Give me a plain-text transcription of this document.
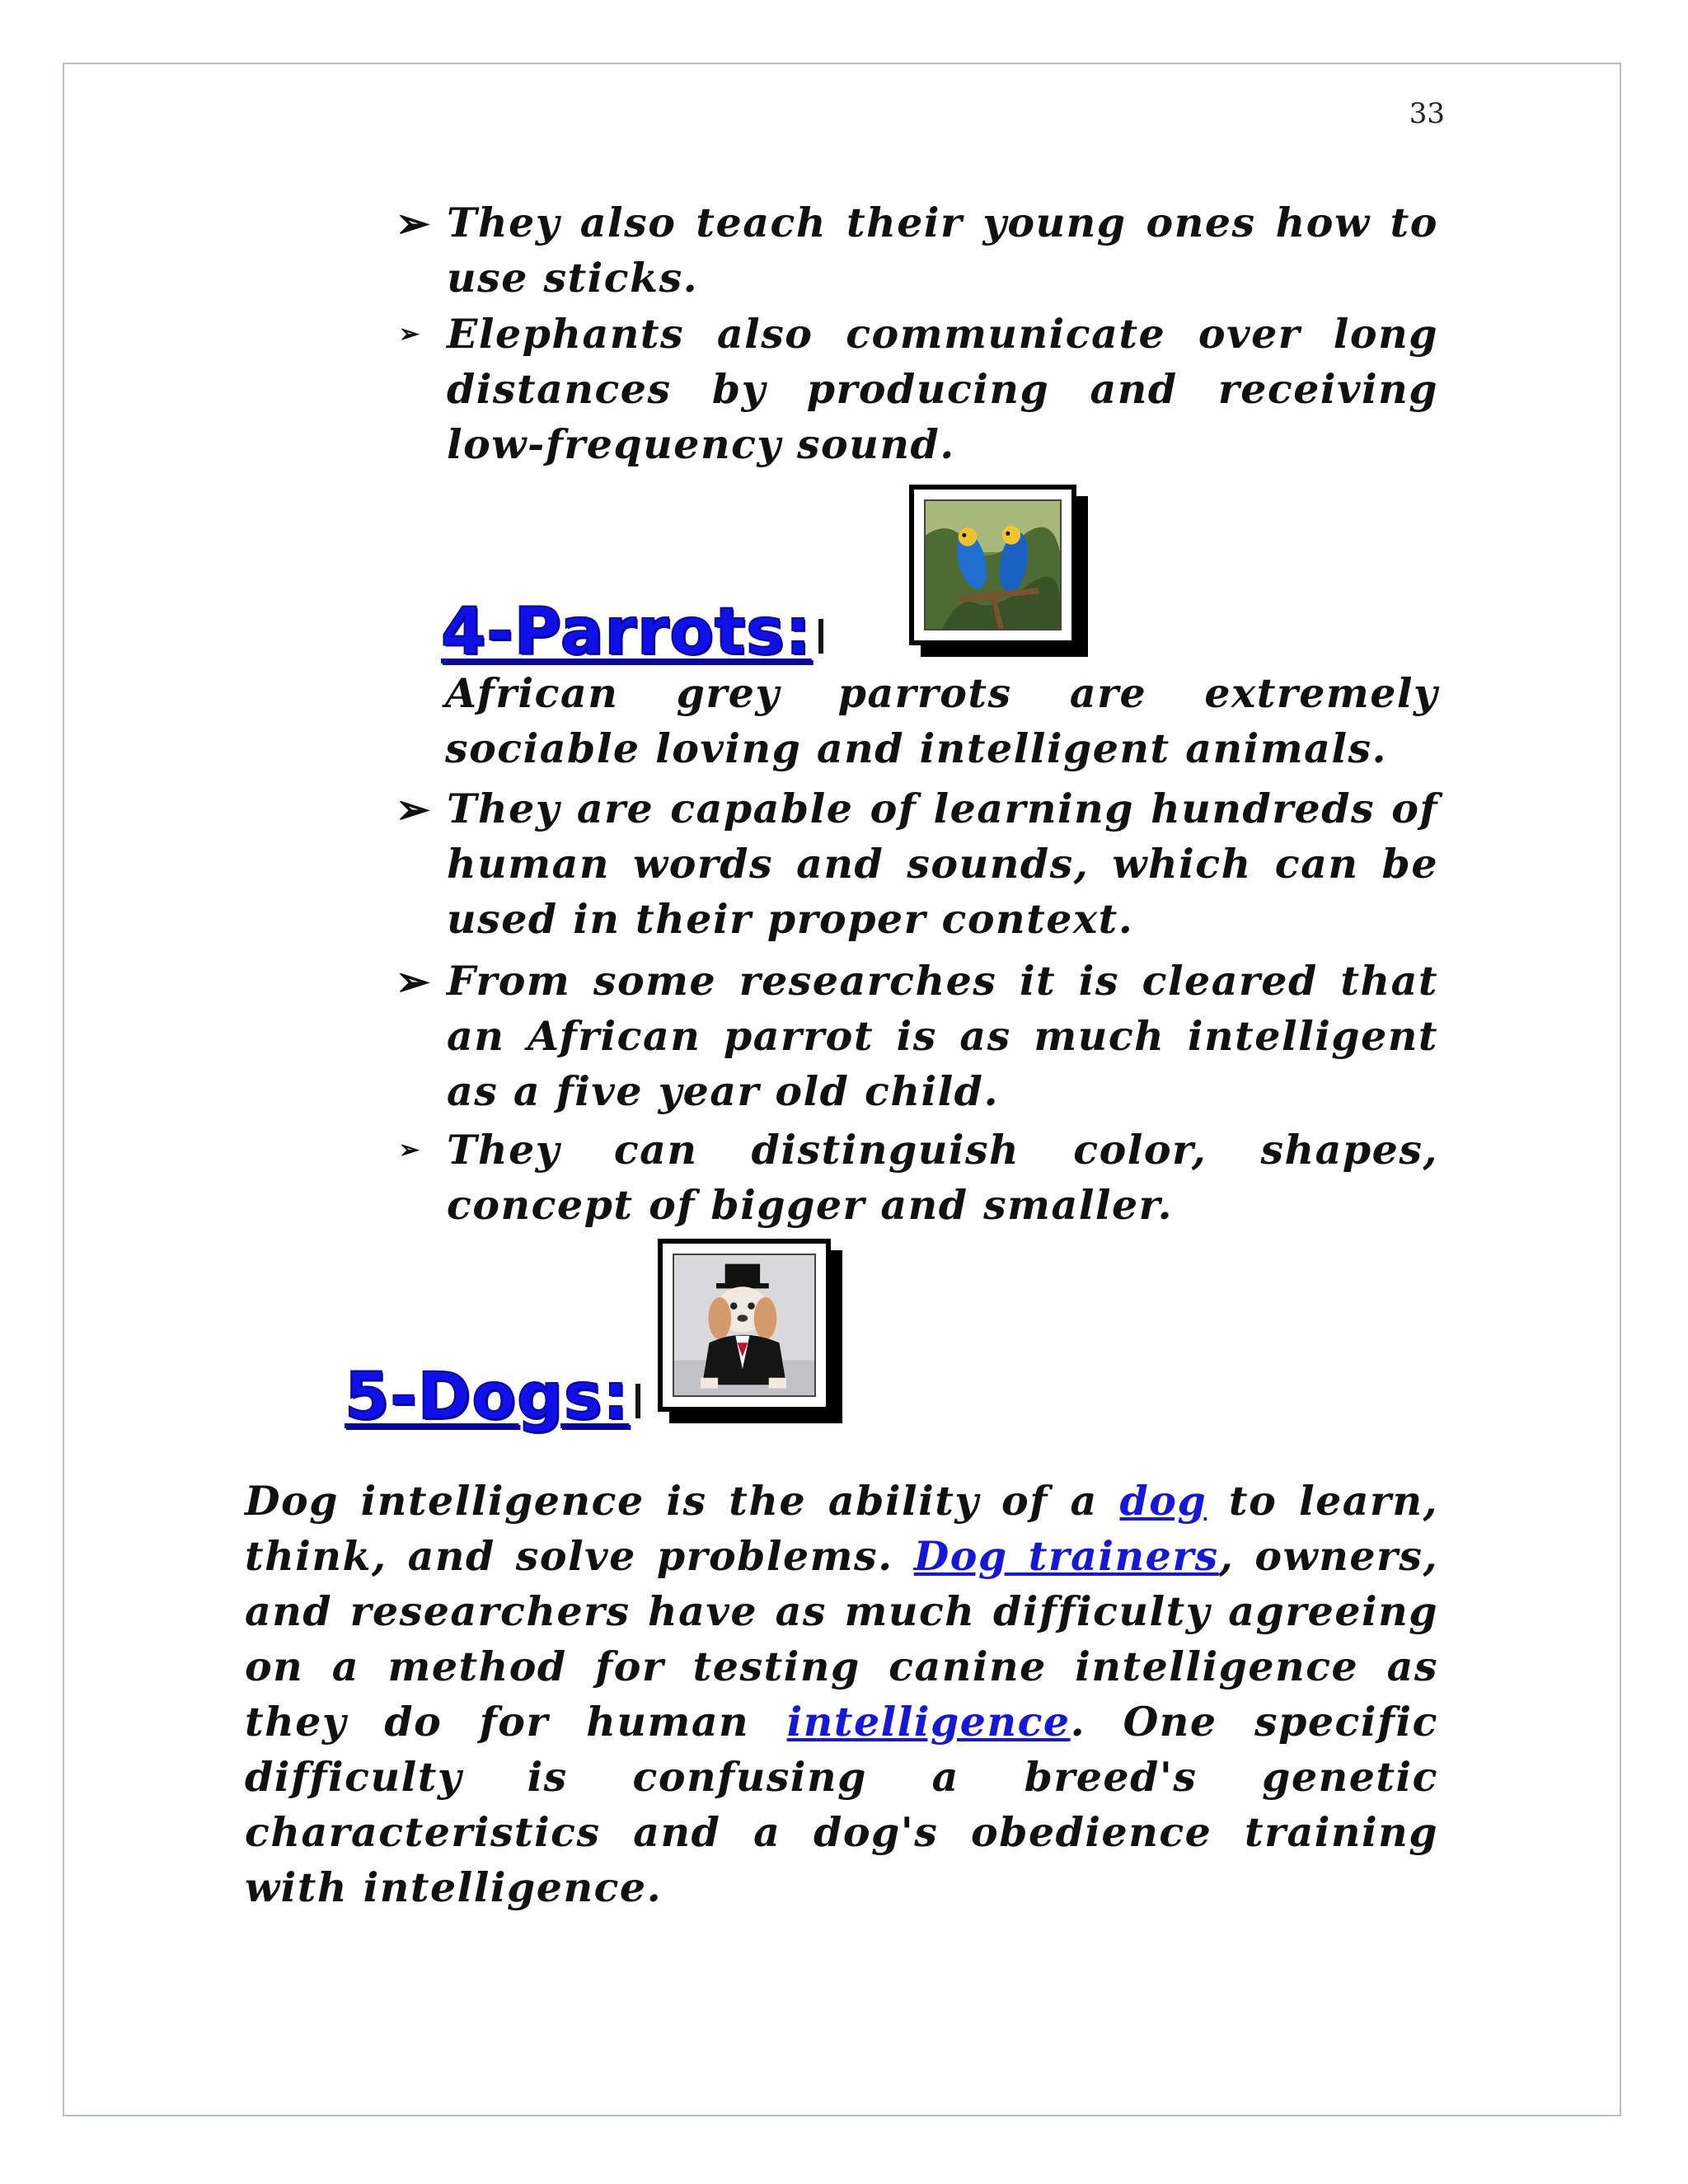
33
➢ They also teach their young ones how to use sticks.
➢ Elephants also communicate over long distances by producing and receiving low-frequency sound.
4-Parrots:
African grey parrots are extremely sociable loving and intelligent animals.
➢ They are capable of learning hundreds of human words and sounds, which can be used in their proper context.
➢ From some researches it is cleared that an African parrot is as much intelligent as a five year old child.
➢ They can distinguish color, shapes, concept of bigger and smaller.
5-Dogs:
Dog intelligence is the ability of a dog to learn, think, and solve problems. Dog trainers, owners, and researchers have as much difficulty agreeing on a method for testing canine intelligence as they do for human intelligence. One specific difficulty is confusing a breed's genetic characteristics and a dog's obedience training with intelligence.
